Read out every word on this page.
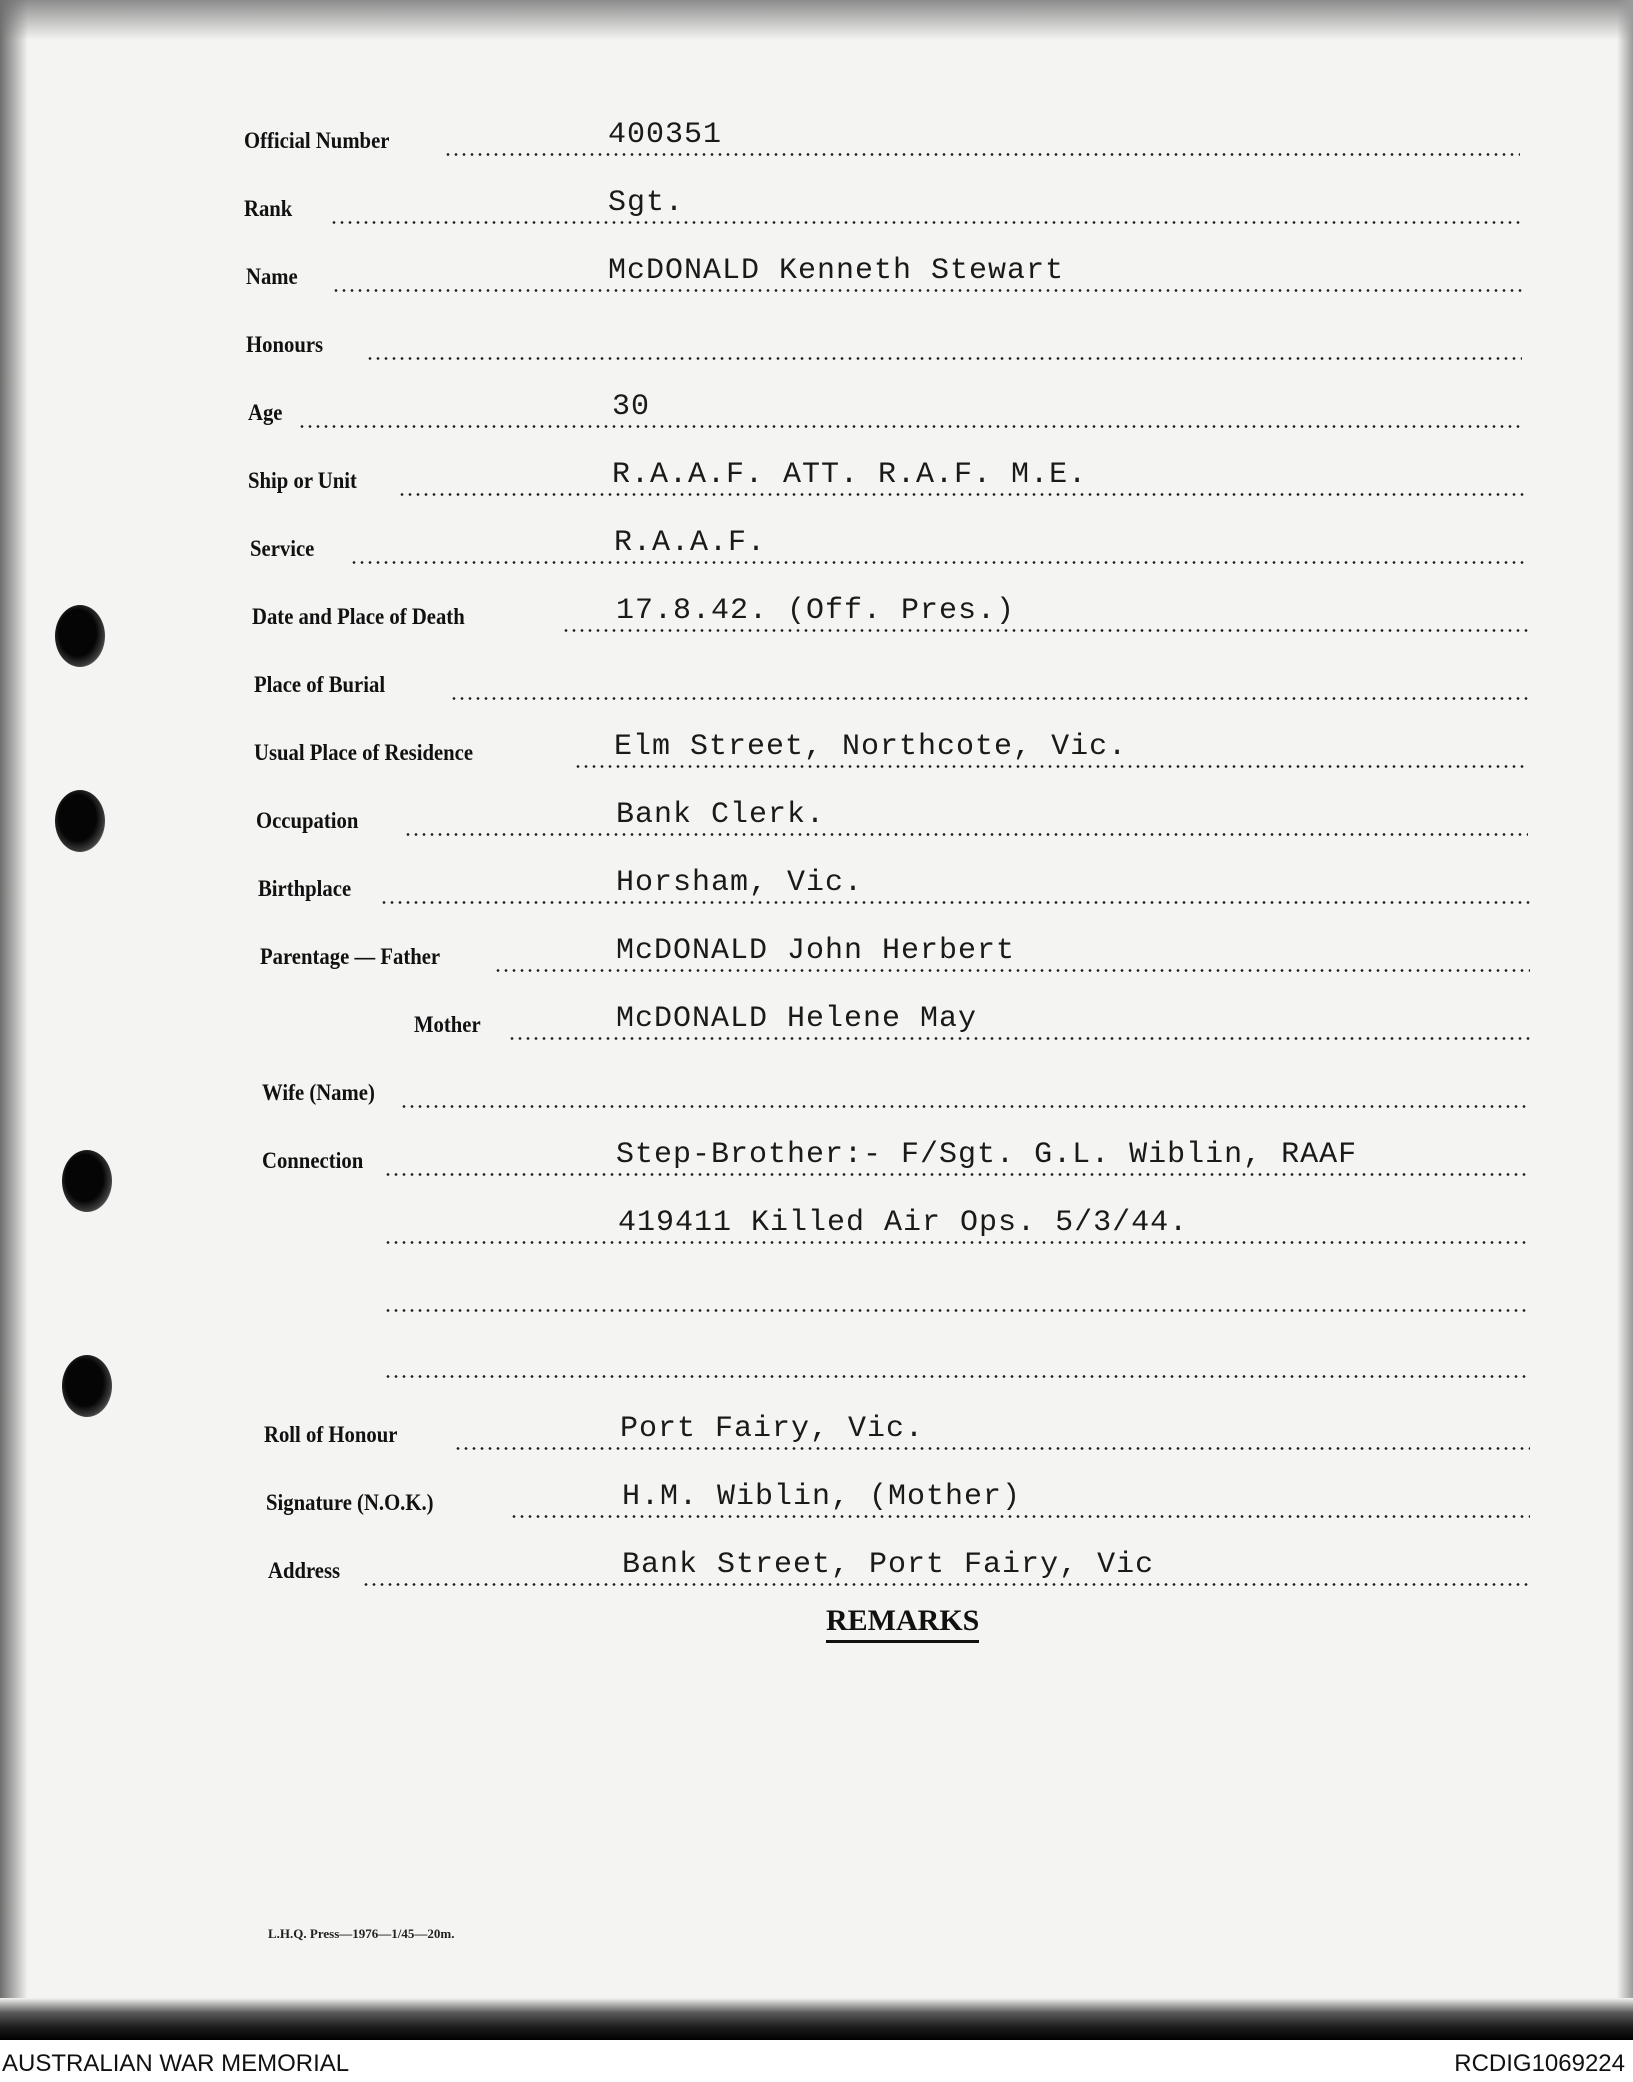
Official Number	400351
Rank	Sgt.
Name	McDONALD Kenneth Stewart
Honours
Age	30
Ship or Unit	R.A.A.F. ATT. R.A.F. M.E.
Service	R.A.A.F.
Date and Place of Death	17.8.42. (Off. Pres.)
Place of Burial
Usual Place of Residence	Elm Street, Northcote, Vic.
Occupation	Bank Clerk.
Birthplace	Horsham, Vic.
Parentage — Father	McDONALD John Herbert
Mother	McDONALD Helene May
Wife (Name)
Connection	Step-Brother:- F/Sgt. G.L. Wiblin, RAAF
419411 Killed Air Ops. 5/3/44.
Roll of Honour	Port Fairy, Vic.
Signature (N.O.K.)	H.M. Wiblin, (Mother)
Address	Bank Street, Port Fairy, Vic
REMARKS
L.H.Q. Press—1976—1/45—20m.
AUSTRALIAN WAR MEMORIAL	RCDIG1069224
